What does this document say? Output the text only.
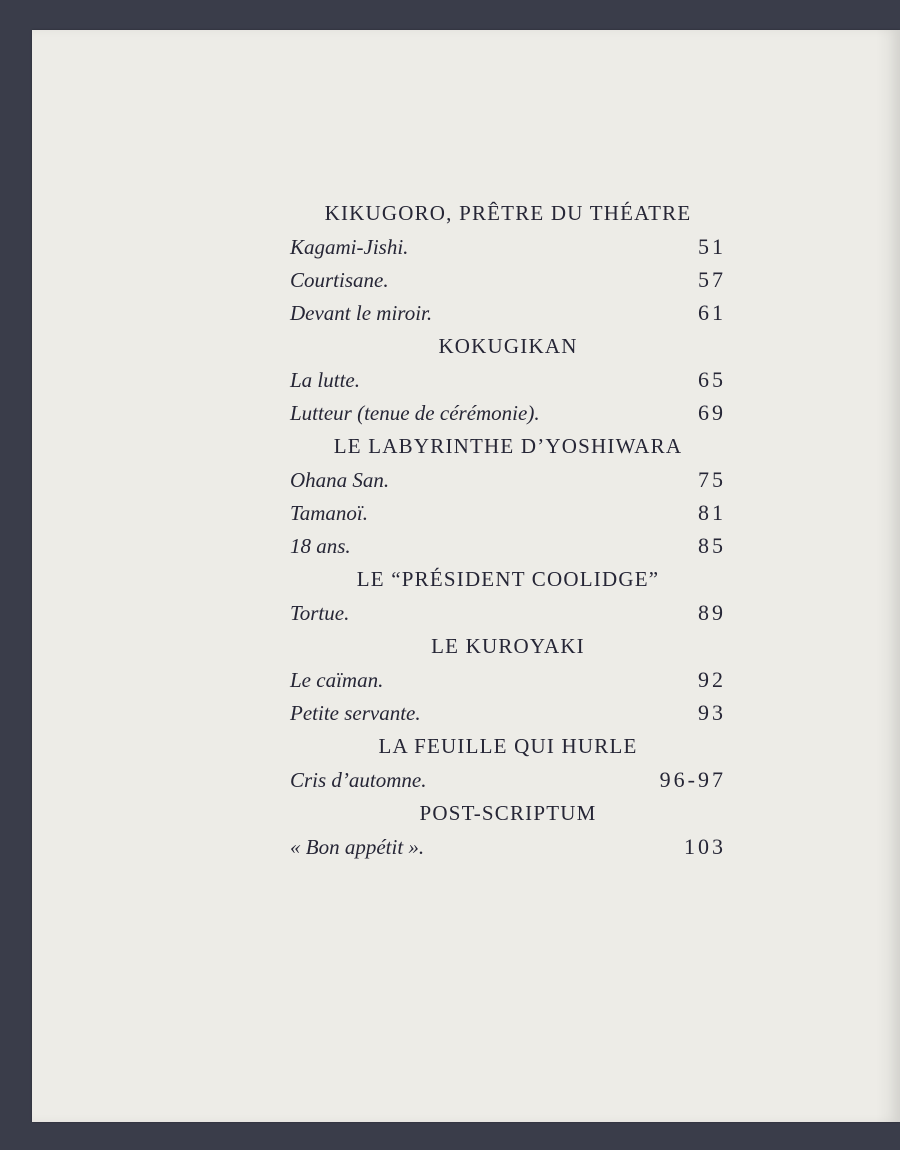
KIKUGORO, PRÊTRE DU THÉATRE
Kagami-Jishi.	51
Courtisane.	57
Devant le miroir.	61
KOKUGIKAN
La lutte.	65
Lutteur (tenue de cérémonie).	69
LE LABYRINTHE D’YOSHIWARA
Ohana San.	75
Tamanoï.	81
18 ans.	85
LE “PRÉSIDENT COOLIDGE”
Tortue.	89
LE KUROYAKI
Le caïman.	92
Petite servante.	93
LA FEUILLE QUI HURLE
Cris d’automne.	96-97
POST-SCRIPTUM
« Bon appétit ».	103
